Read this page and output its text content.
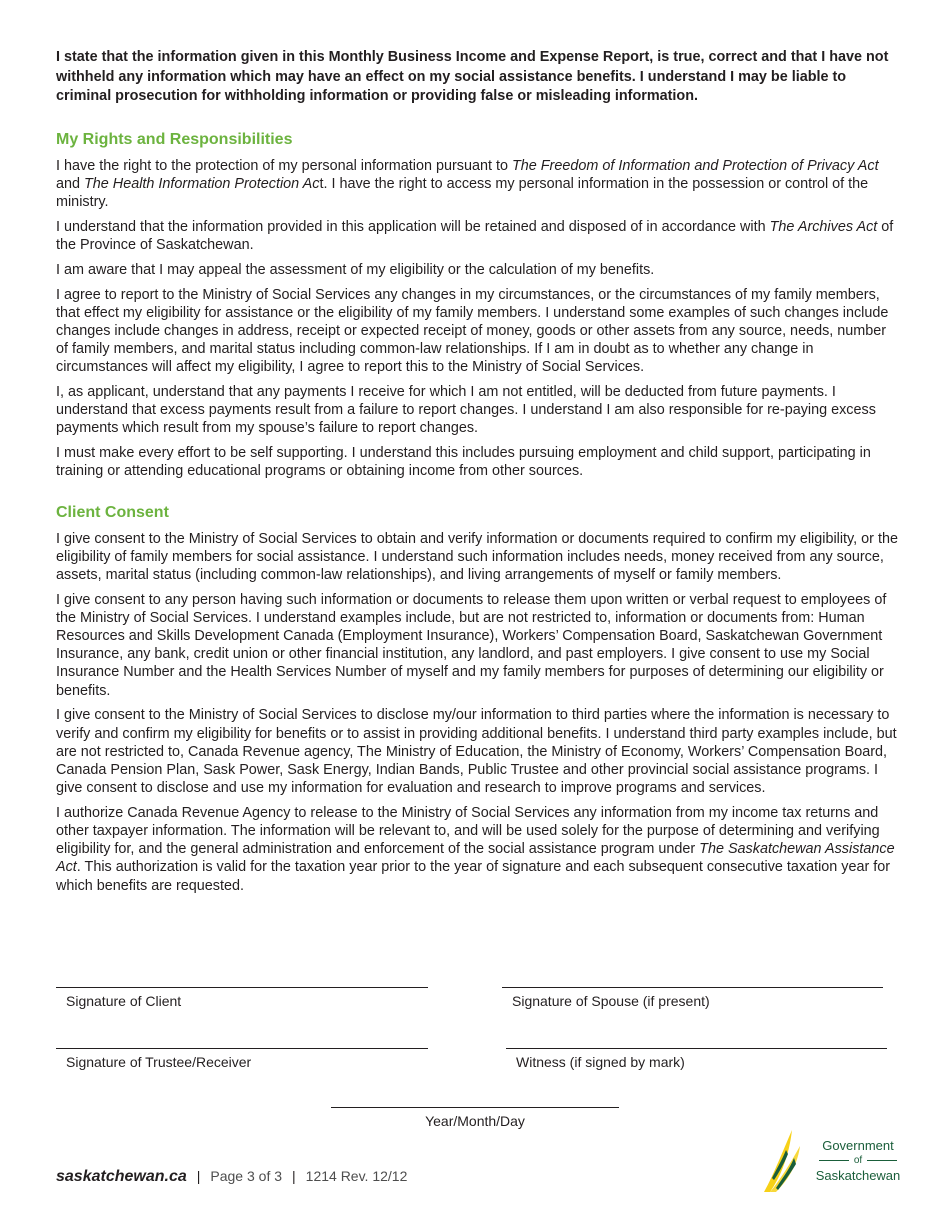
I state that the information given in this Monthly Business Income and Expense Report, is true, correct and that I have not withheld any information which may have an effect on my social assistance benefits. I understand I may be liable to criminal prosecution for withholding information or providing false or misleading information.

My Rights and Responsibilities

I have the right to the protection of my personal information pursuant to The Freedom of Information and Protection of Privacy Act and The Health Information Protection Act. I have the right to access my personal information in the possession or control of the ministry.

I understand that the information provided in this application will be retained and disposed of in accordance with The Archives Act of the Province of Saskatchewan.

I am aware that I may appeal the assessment of my eligibility or the calculation of my benefits.

I agree to report to the Ministry of Social Services any changes in my circumstances, or the circumstances of my family members, that effect my eligibility for assistance or the eligibility of my family members. I understand some examples of such changes include changes include changes in address, receipt or expected receipt of money, goods or other assets from any source, needs, number of family members, and marital status including common-law relationships. If I am in doubt as to whether any change in circumstances will affect my eligibility, I agree to report this to the Ministry of Social Services.

I, as applicant, understand that any payments I receive for which I am not entitled, will be deducted from future payments. I understand that excess payments result from a failure to report changes. I understand I am also responsible for re-paying excess payments which result from my spouse’s failure to report changes.

I must make every effort to be self supporting. I understand this includes pursuing employment and child support, participating in training or attending educational programs or obtaining income from other sources.

Client Consent

I give consent to the Ministry of Social Services to obtain and verify information or documents required to confirm my eligibility, or the eligibility of family members for social assistance. I understand such information includes needs, money received from any source, assets, marital status (including common-law relationships), and living arrangements of myself or family members.

I give consent to any person having such information or documents to release them upon written or verbal request to employees of the Ministry of Social Services. I understand examples include, but are not restricted to, information or documents from: Human Resources and Skills Development Canada (Employment Insurance), Workers’ Compensation Board, Saskatchewan Government Insurance, any bank, credit union or other financial institution, any landlord, and past employers. I give consent to use my Social Insurance Number and the Health Services Number of myself and my family members for purposes of determining our eligibility or benefits.

I give consent to the Ministry of Social Services to disclose my/our information to third parties where the information is necessary to verify and confirm my eligibility for benefits or to assist in providing additional benefits. I understand third party examples include, but are not restricted to, Canada Revenue agency, The Ministry of Education, the Ministry of Economy, Workers’ Compensation Board, Canada Pension Plan, Sask Power, Sask Energy, Indian Bands, Public Trustee and other provincial social assistance programs. I give consent to disclose and use my information for evaluation and research to improve programs and services.

I authorize Canada Revenue Agency to release to the Ministry of Social Services any information from my income tax returns and other taxpayer information. The information will be relevant to, and will be used solely for the purpose of determining and verifying eligibility for, and the general administration and enforcement of the social assistance program under The Saskatchewan Assistance Act. This authorization is valid for the taxation year prior to the year of signature and each subsequent consecutive taxation year for which benefits are requested.

Signature of Client	Signature of Spouse (if present)
Signature of Trustee/Receiver	Witness (if signed by mark)
Year/Month/Day
saskatchewan.ca | Page 3 of 3 | 1214 Rev. 12/12
Government
of
Saskatchewan
